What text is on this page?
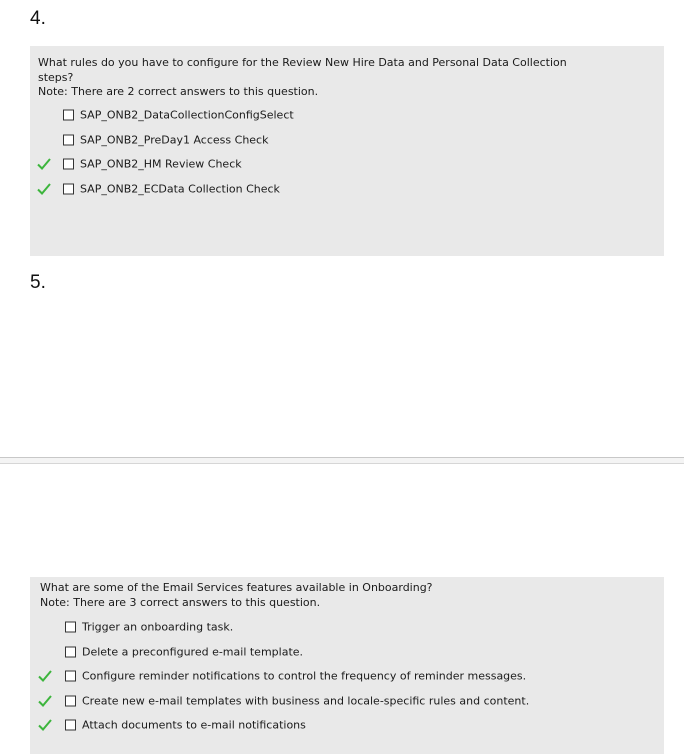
4.
What rules do you have to configure for the Review New Hire Data and Personal Data Collection
steps?
Note: There are 2 correct answers to this question.
SAP_ONB2_DataCollectionConfigSelect
SAP_ONB2_PreDay1 Access Check
SAP_ONB2_HM Review Check
SAP_ONB2_ECData Collection Check
5.
What are some of the Email Services features available in Onboarding?
Note: There are 3 correct answers to this question.
Trigger an onboarding task.
Delete a preconfigured e-mail template.
Configure reminder notifications to control the frequency of reminder messages.
Create new e-mail templates with business and locale-specific rules and content.
Attach documents to e-mail notifications
